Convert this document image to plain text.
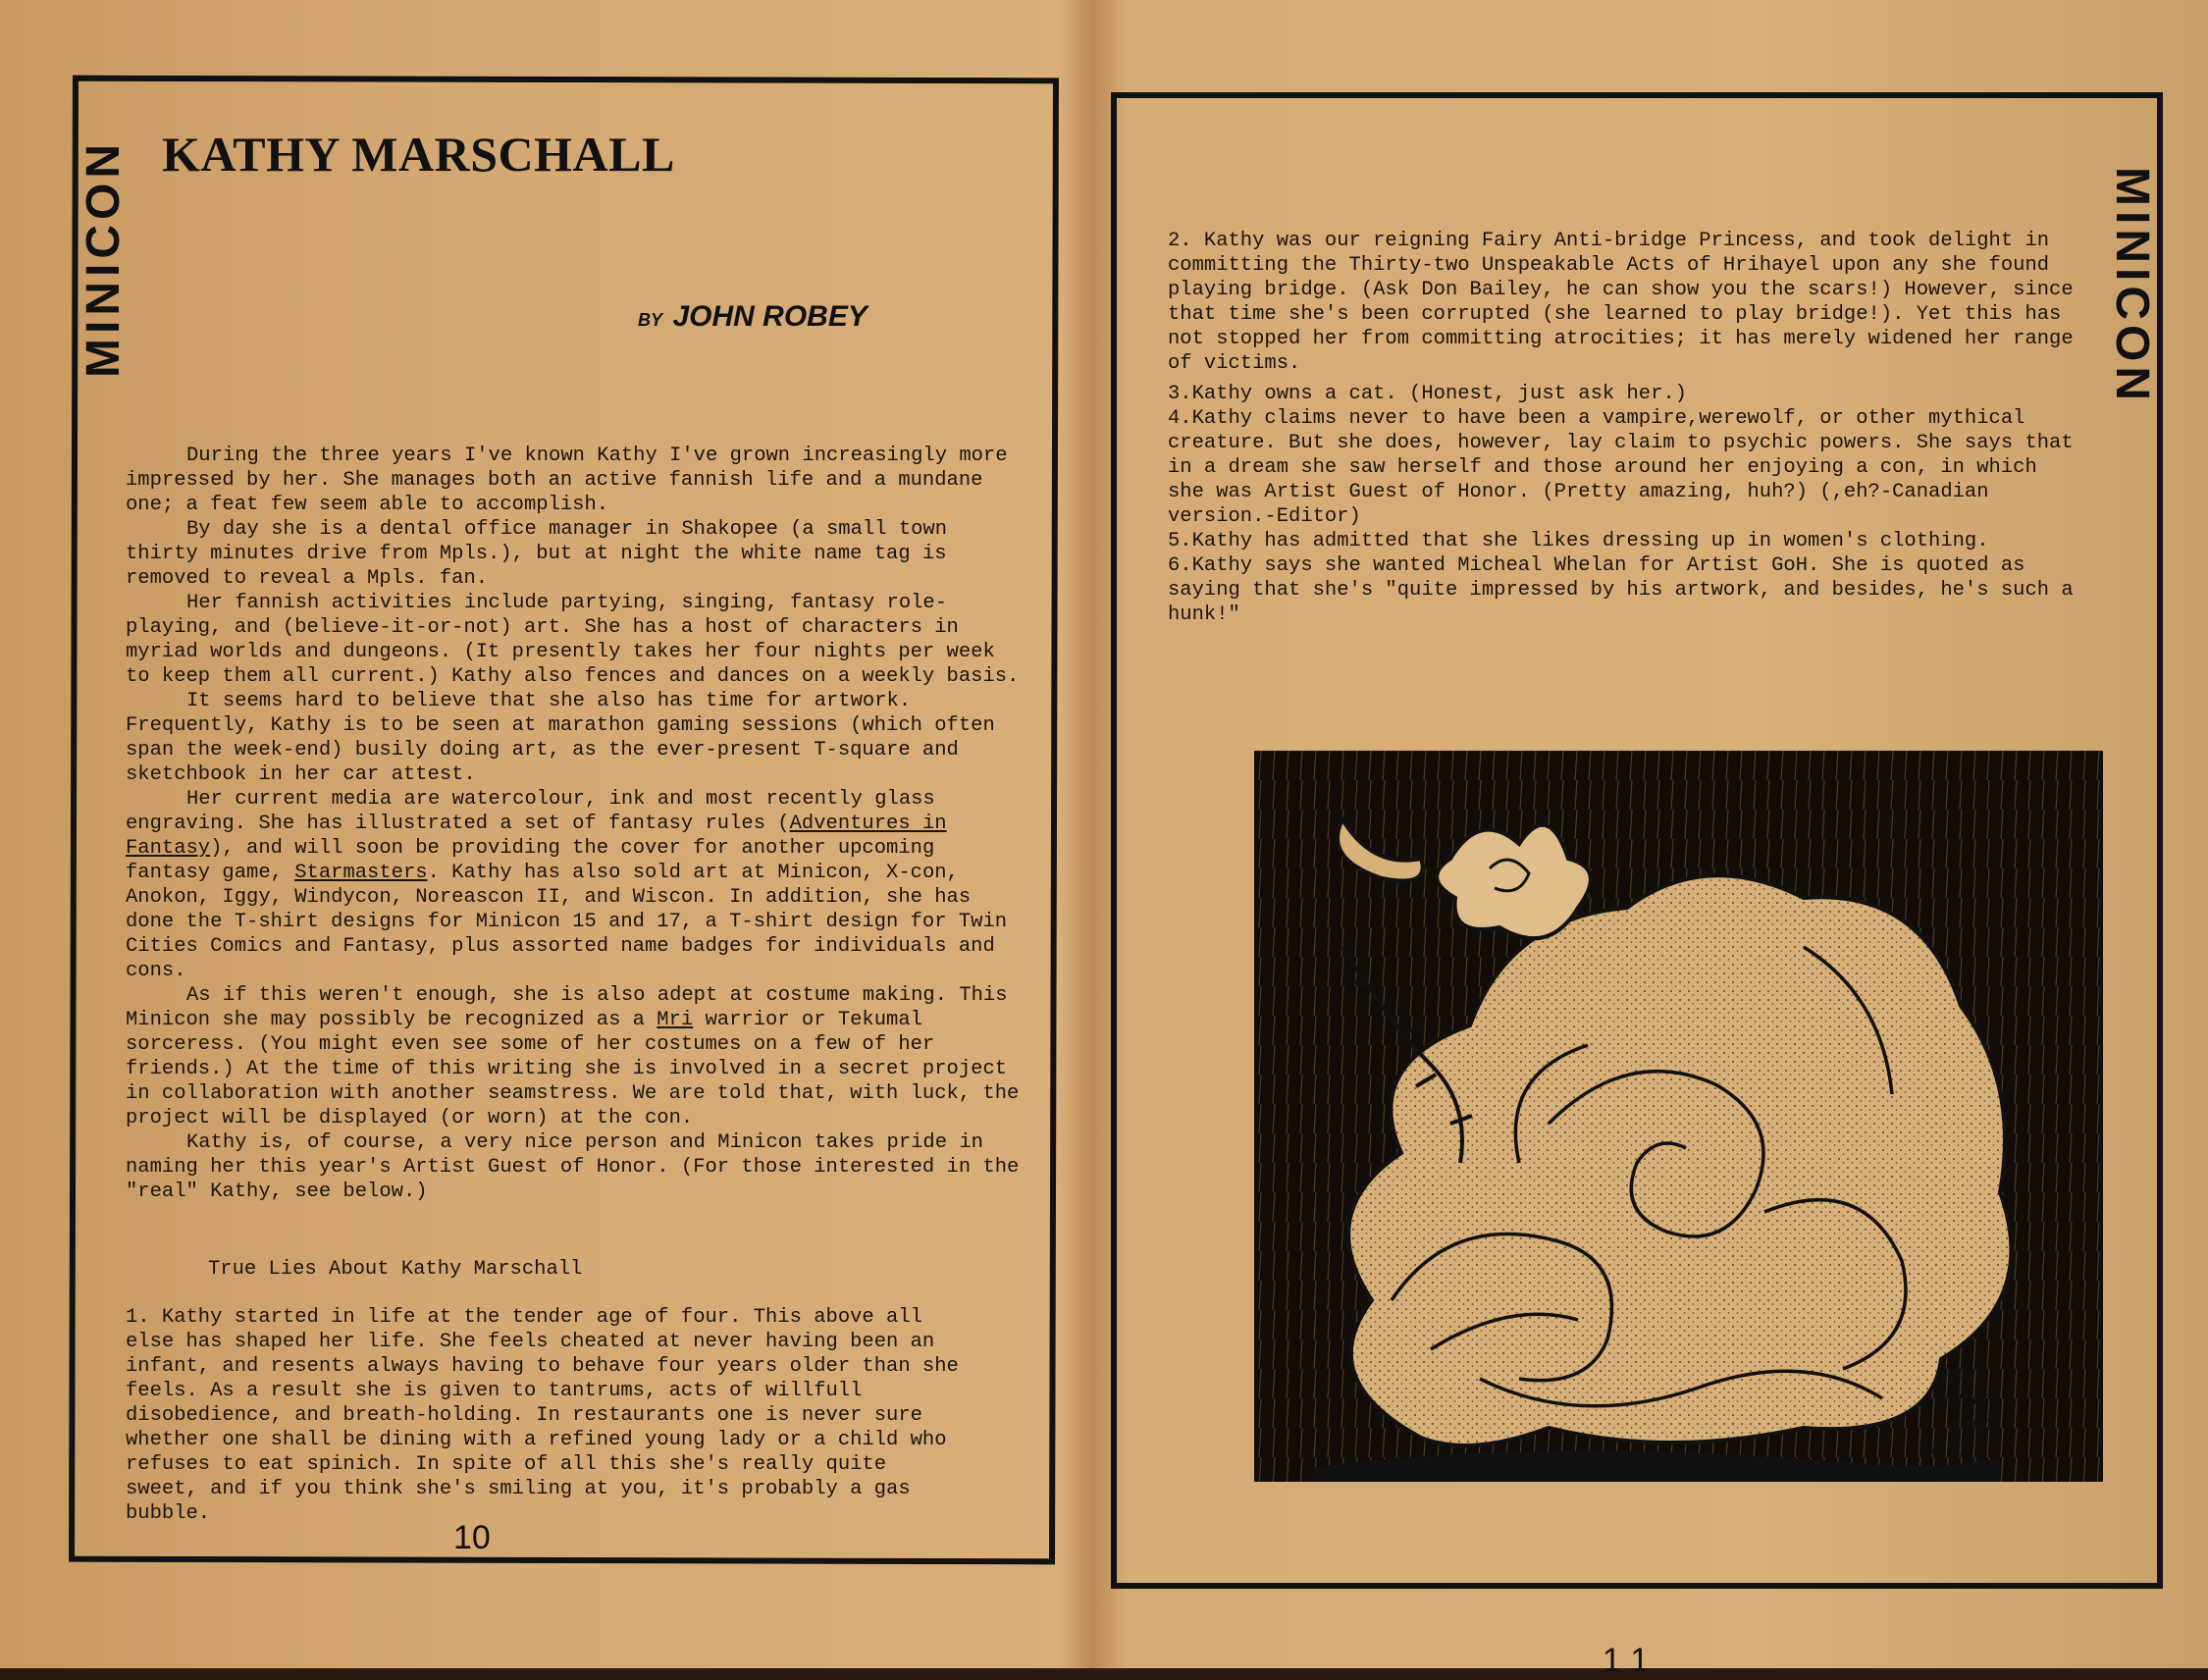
MINICON KATHY MARSCHALL
BY JOHN ROBEY

During the three years I've known Kathy I've grown increasingly more impressed by her. She manages both an active fannish life and a mundane one; a feat few seem able to accomplish.

By day she is a dental office manager in Shakopee (a small town thirty minutes drive from Mpls.), but at night the white name tag is removed to reveal a Mpls. fan.

Her fannish activities include partying, singing, fantasy role-playing, and (believe-it-or-not) art. She has a host of characters in myriad worlds and dungeons. (It presently takes her four nights per week to keep them all current.) Kathy also fences and dances on a weekly basis.

It seems hard to believe that she also has time for artwork. Frequently, Kathy is to be seen at marathon gaming sessions (which often span the week-end) busily doing art, as the ever-present T-square and sketchbook in her car attest.

Her current media are watercolour, ink and most recently glass engraving. She has illustrated a set of fantasy rules (Adventures in Fantasy), and will soon be providing the cover for another upcoming fantasy game, Starmasters. Kathy has also sold art at Minicon, X-con, Anokon, Iggy, Windycon, Noreascon II, and Wiscon. In addition, she has done the T-shirt designs for Minicon 15 and 17, a T-shirt design for Twin Cities Comics and Fantasy, plus assorted name badges for individuals and cons.

As if this weren't enough, she is also adept at costume making. This Minicon she may possibly be recognized as a Mri warrior or Tekumal sorceress. (You might even see some of her costumes on a few of her friends.) At the time of this writing she is involved in a secret project in collaboration with another seamstress. We are told that, with luck, the project will be displayed (or worn) at the con.

Kathy is, of course, a very nice person and Minicon takes pride in naming her this year's Artist Guest of Honor. (For those interested in the "real" Kathy, see below.)

True Lies About Kathy Marschall

1. Kathy started in life at the tender age of four. This above all else has shaped her life. She feels cheated at never having been an infant, and resents always having to behave four years older than she feels. As a result she is given to tantrums, acts of willfull disobedience, and breath-holding. In restaurants one is never sure whether one shall be dining with a refined young lady or a child who refuses to eat spinich. In spite of all this she's really quite sweet, and if you think she's smiling at you, it's probably a gas bubble.

10

2. Kathy was our reigning Fairy Anti-bridge Princess, and took delight in committing the Thirty-two Unspeakable Acts of Hrihayel upon any she found playing bridge. (Ask Don Bailey, he can show you the scars!) However, since that time she's been corrupted (she learned to play bridge!). Yet this has not stopped her from committing atrocities; it has merely widened her range of victims.

3.Kathy owns a cat. (Honest, just ask her.)

4.Kathy claims never to have been a vampire,werewolf, or other mythical creature. But she does, however, lay claim to psychic powers. She says that in a dream she saw herself and those around her enjoying a con, in which she was Artist Guest of Honor. (Pretty amazing, huh?) (,eh?-Canadian version.-Editor)

5.Kathy has admitted that she likes dressing up in women's clothing.

6.Kathy says she wanted Micheal Whelan for Artist GoH. She is quoted as saying that she's "quite impressed by his artwork, and besides, he's such a hunk!"

joan
hanke
woods
c 81
11
MINICON
